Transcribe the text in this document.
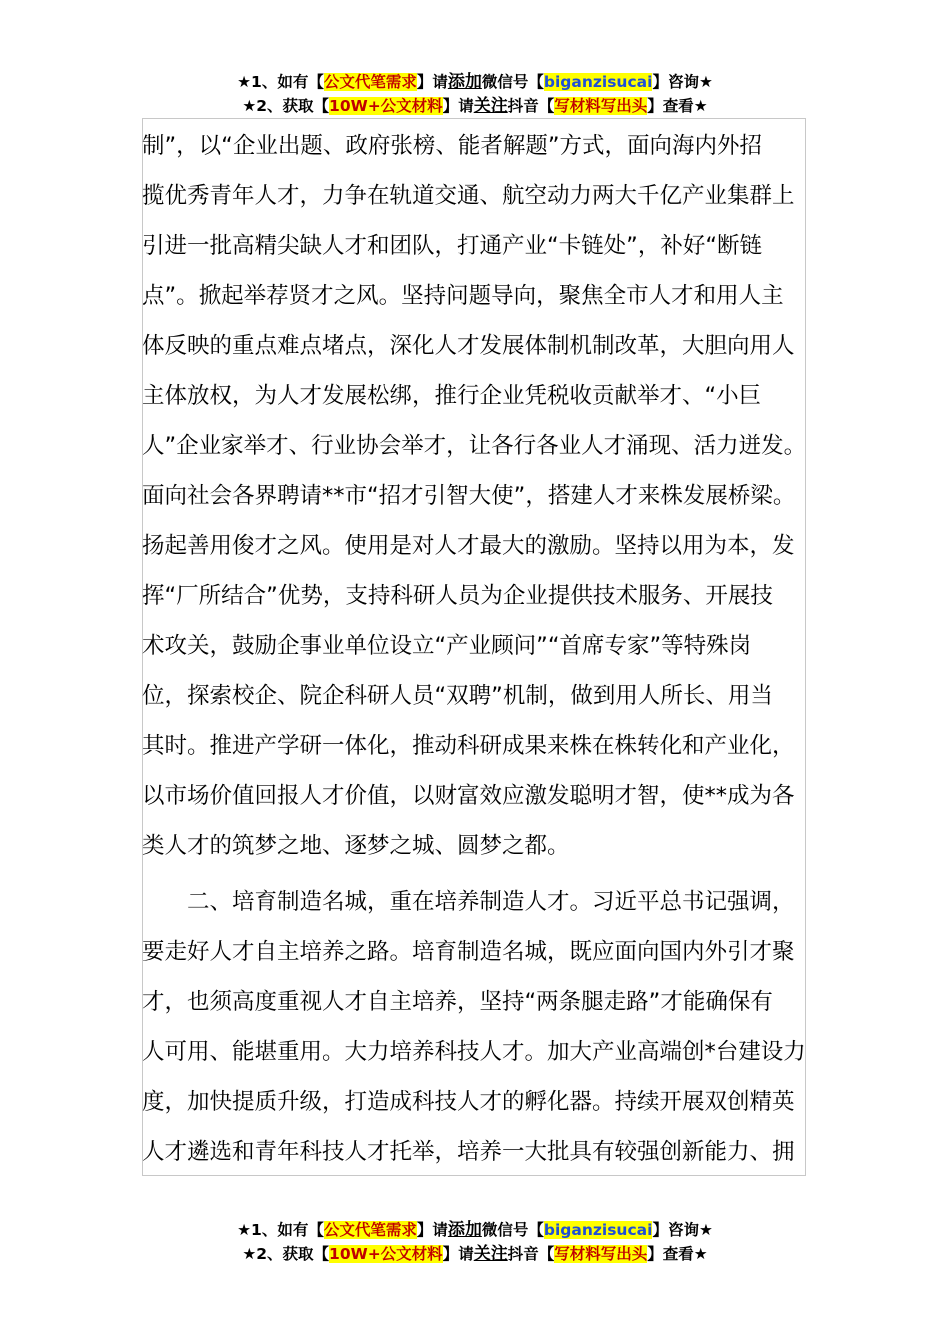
★1、如有【公文代笔需求】请添加微信号【biganzisucai】咨询★
★2、获取【10W+公文材料】请关注抖音【写材料写出头】查看★
制”，以“企业出题、政府张榜、能者解题”方式，面向海内外招
揽优秀青年人才，力争在轨道交通、航空动力两大千亿产业集群上
引进一批高精尖缺人才和团队，打通产业“卡链处”，补好“断链
点”。掀起举荐贤才之风。坚持问题导向，聚焦全市人才和用人主
体反映的重点难点堵点，深化人才发展体制机制改革，大胆向用人
主体放权，为人才发展松绑，推行企业凭税收贡献举才、“小巨
人”企业家举才、行业协会举才，让各行各业人才涌现、活力迸发。
面向社会各界聘请**市“招才引智大使”，搭建人才来株发展桥梁。
扬起善用俊才之风。使用是对人才最大的激励。坚持以用为本，发
挥“厂所结合”优势，支持科研人员为企业提供技术服务、开展技
术攻关，鼓励企事业单位设立“产业顾问”“首席专家”等特殊岗
位，探索校企、院企科研人员“双聘”机制，做到用人所长、用当
其时。推进产学研一体化，推动科研成果来株在株转化和产业化，
以市场价值回报人才价值，以财富效应激发聪明才智，使**成为各
类人才的筑梦之地、逐梦之城、圆梦之都。
　　二、培育制造名城，重在培养制造人才。习近平总书记强调，
要走好人才自主培养之路。培育制造名城，既应面向国内外引才聚
才，也须高度重视人才自主培养，坚持“两条腿走路”才能确保有
人可用、能堪重用。大力培养科技人才。加大产业高端创*台建设力
度，加快提质升级，打造成科技人才的孵化器。持续开展双创精英
人才遴选和青年科技人才托举，培养一大批具有较强创新能力、拥
★1、如有【公文代笔需求】请添加微信号【biganzisucai】咨询★
★2、获取【10W+公文材料】请关注抖音【写材料写出头】查看★
